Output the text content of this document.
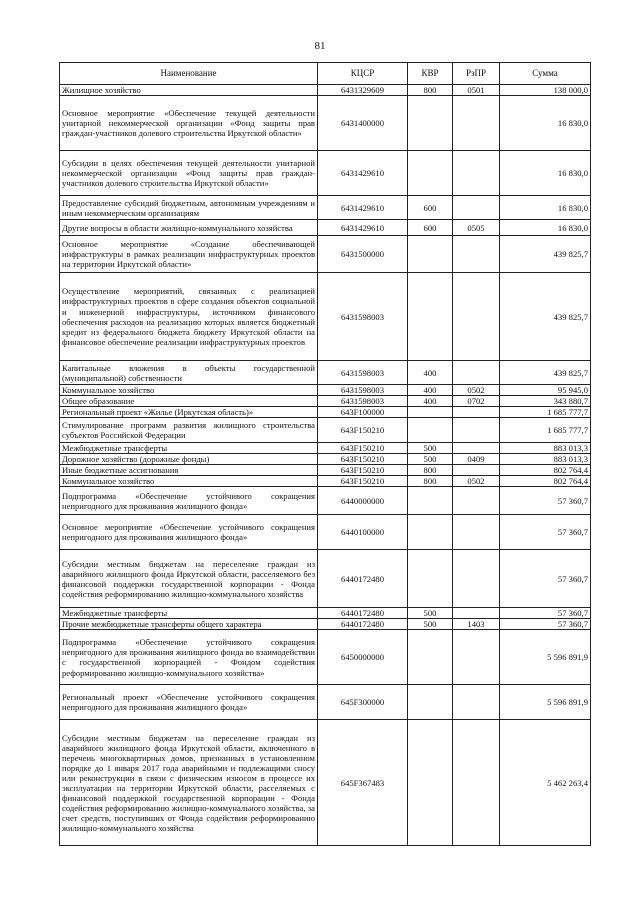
81
Наименование	КЦСР	КВР	РзПР	Сумма
Жилищное хозяйство	6431329609	800	0501	138 000,0
Основное мероприятие «Обеспечение текущей деятельности унитарной некоммерческой организации «Фонд защиты прав граждан-участников долевого строительства Иркутской области»	6431400000			16 830,0
Субсидии в целях обеспечения текущей деятельности унитарной некоммерческой организации «Фонд защиты прав граждан-участников долевого строительства Иркутской области»	6431429610			16 830,0
Предоставление субсидий бюджетным, автономным учреждениям и иным некоммерческим организациям	6431429610	600		16 830,0
Другие вопросы в области жилищно-коммунального хозяйства	6431429610	600	0505	16 830,0
Основное мероприятие «Создание обеспечивающей инфраструктуры в рамках реализации инфраструктурных проектов на территории Иркутской области»	6431500000			439 825,7
Осуществление мероприятий, связанных с реализацией инфраструктурных проектов в сфере создания объектов социальной и инженерной инфраструктуры, источником финансового обеспечения расходов на реализацию которых является бюджетный кредит из федерального бюджета бюджету Иркутской области на финансовое обеспечение реализации инфраструктурных проектов	6431598003			439 825,7
Капитальные вложения в объекты государственной (муниципальной) собственности	6431598003	400		439 825,7
Коммунальное хозяйство	6431598003	400	0502	95 945,0
Общее образование	6431598003	400	0702	343 880,7
Региональный проект «Жилье (Иркутская область)»	643F100000			1 685 777,7
Стимулирование программ развития жилищного строительства субъектов Российской Федерации	643F150210			1 685 777,7
Межбюджетные трансферты	643F150210	500		883 013,3
Дорожное хозяйство (дорожные фонды)	643F150210	500	0409	883 013,3
Иные бюджетные ассигнования	643F150210	800		802 764,4
Коммунальное хозяйство	643F150210	800	0502	802 764,4
Подпрограмма «Обеспечение устойчивого сокращения непригодного для проживания жилищного фонда»	6440000000			57 360,7
Основное мероприятие «Обеспечение устойчивого сокращения непригодного для проживания жилищного фонда»	6440100000			57 360,7
Субсидии местным бюджетам на переселение граждан из аварийного жилищного фонда Иркутской области, расселяемого без финансовой поддержки государственной корпорации - Фонда содействия реформированию жилищно-коммунального хозяйства	6440172480			57 360,7
Межбюджетные трансферты	6440172480	500		57 360,7
Прочие межбюджетные трансферты общего характера	6440172480	500	1403	57 360,7
Подпрограмма «Обеспечение устойчивого сокращения непригодного для проживания жилищного фонда во взаимодействии с государственной корпорацией - Фондом содействия реформированию жилищно-коммунального хозяйства»	6450000000			5 596 891,9
Региональный проект «Обеспечение устойчивого сокращения непригодного для проживания жилищного фонда»	645F300000			5 596 891,9
Субсидии местным бюджетам на переселение граждан из аварийного жилищного фонда Иркутской области, включенного в перечень многоквартирных домов, признанных в установленном порядке до 1 января 2017 года аварийными и подлежащими сносу или реконструкции в связи с физическим износом в процессе их эксплуатации на территории Иркутской области, расселяемых с финансовой поддержкой государственной корпорации - Фонда содействия реформированию жилищно-коммунального хозяйства, за счет средств, поступивших от Фонда содействия реформированию жилищно-коммунального хозяйства	645F367483			5 462 263,4
